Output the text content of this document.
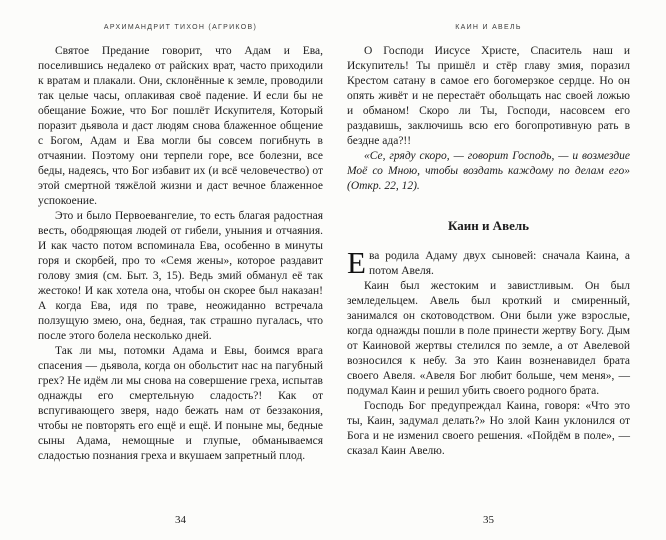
АРХИМАНДРИТ ТИХОН (АГРИКОВ)

Святое Предание говорит, что Адам и Ева, поселившись недалеко от райских врат, часто приходили к вратам и плакали. Они, склонённые к земле, проводили так целые часы, оплакивая своё падение. И если бы не обещание Божие, что Бог пошлёт Искупителя, Который поразит дьявола и даст людям снова блаженное общение с Богом, Адам и Ева могли бы совсем погибнуть в отчаянии. Поэтому они терпели горе, все болезни, все беды, надеясь, что Бог избавит их (и всё человечество) от этой смертной тяжёлой жизни и даст вечное блаженное успокоение.

Это и было Первоевангелие, то есть благая радостная весть, ободряющая людей от гибели, уныния и отчаяния. И как часто потом вспоминала Ева, особенно в минуты горя и скорбей, про то «Семя жены», которое раздавит голову змия (см. Быт. 3, 15). Ведь змий обманул её так жестоко! И как хотела она, чтобы он скорее был наказан! А когда Ева, идя по траве, неожиданно встречала ползущую змею, она, бедная, так страшно пугалась, что после этого болела несколько дней.

Так ли мы, потомки Адама и Евы, боимся врага спасения — дьявола, когда он обольстит нас на пагубный грех? Не идём ли мы снова на совершение греха, испытав однажды его смертельную сладость?! Как от вспугивающего зверя, надо бежать нам от беззакония, чтобы не повторять его ещё и ещё. И поныне мы, бедные сыны Адама, немощные и глупые, обманываемся сладостью познания греха и вкушаем запретный плод.

34
КАИН И АВЕЛЬ

О Господи Иисусе Христе, Спаситель наш и Искупитель! Ты пришёл и стёр главу змия, поразил Крестом сатану в самое его богомерзкое сердце. Но он опять живёт и не перестаёт обольщать нас своей ложью и обманом! Скоро ли Ты, Господи, насовсем его раздавишь, заключишь всю его богопротивную рать в бездне ада?!!

«Се, гряду скоро, — говорит Господь, — и возмездие Моё со Мною, чтобы воздать каждому по делам его» (Откр. 22, 12).

Каин и Авель

Ева родила Адаму двух сыновей: сначала Каина, а потом Авеля.

Каин был жестоким и завистливым. Он был земледельцем. Авель был кроткий и смиренный, занимался он скотоводством. Они были уже взрослые, когда однажды пошли в поле принести жертву Богу. Дым от Каиновой жертвы стелился по земле, а от Авелевой возносился к небу. За это Каин возненавидел брата своего Авеля. «Авеля Бог любит больше, чем меня», — подумал Каин и решил убить своего родного брата.

Господь Бог предупреждал Каина, говоря: «Что это ты, Каин, задумал делать?» Но злой Каин уклонился от Бога и не изменил своего решения. «Пойдём в поле», — сказал Каин Авелю.

35
